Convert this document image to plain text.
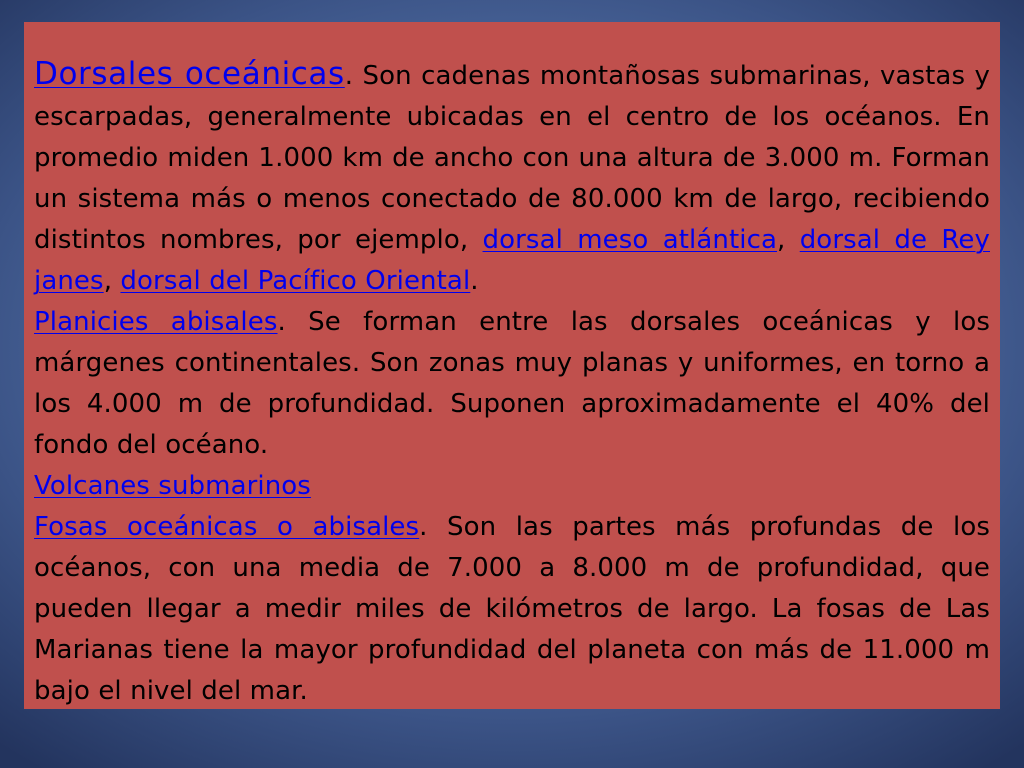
Dorsales oceánicas. Son cadenas montañosas submarinas, vastas y escarpadas, generalmente ubicadas en el centro de los océanos. En promedio miden 1.000 km de ancho con una altura de 3.000 m. Forman un sistema más o menos conectado de 80.000 km de largo, recibiendo distintos nombres, por ejemplo, dorsal meso atlántica, dorsal de Rey janes, dorsal del Pacífico Oriental.

Planicies abisales. Se forman entre las dorsales oceánicas y los márgenes continentales. Son zonas muy planas y uniformes, en torno a los 4.000 m de profundidad. Suponen aproximadamente el 40% del fondo del océano.

Volcanes submarinos

Fosas oceánicas o abisales. Son las partes más profundas de los océanos, con una media de 7.000 a 8.000 m de profundidad, que pueden llegar a medir miles de kilómetros de largo. La fosas de Las Marianas tiene la mayor profundidad del planeta con más de 11.000 m bajo el nivel del mar.
